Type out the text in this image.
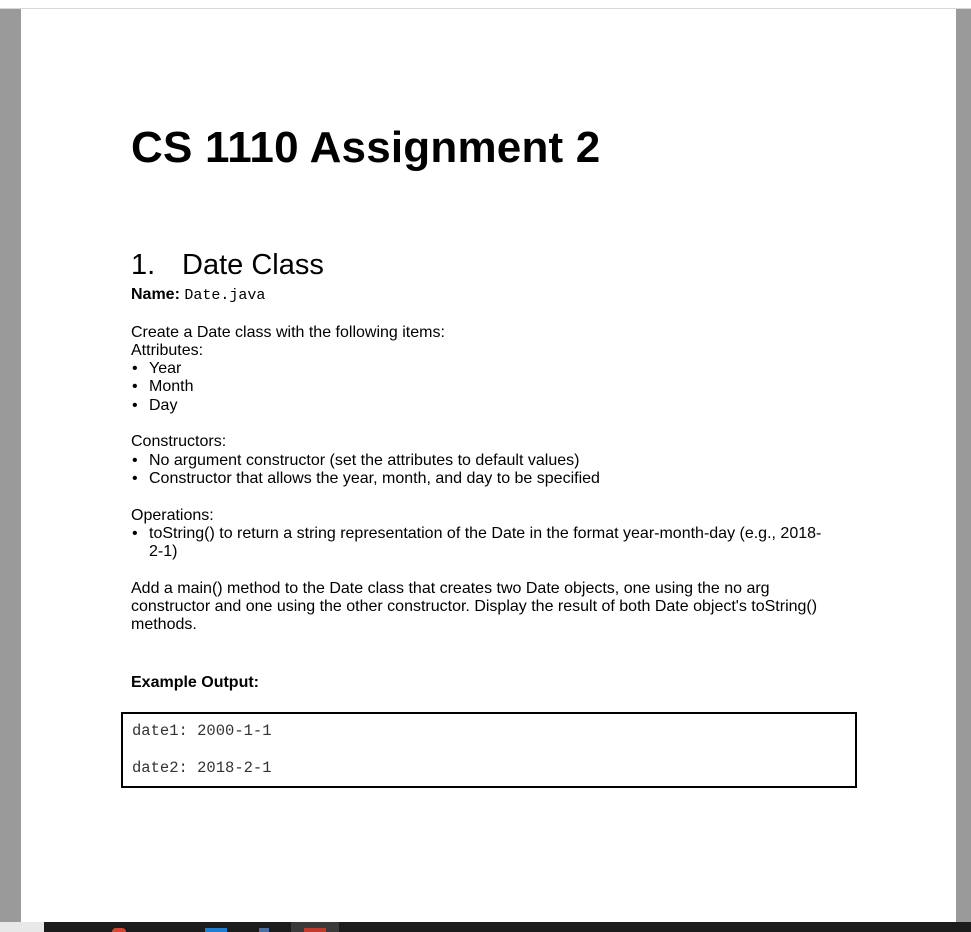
CS 1110 Assignment 2
1. Date Class

Name: Date.java

Create a Date class with the following items:

Attributes:

• Year
• Month
• Day

Constructors:

• No argument constructor (set the attributes to default values)
• Constructor that allows the year, month, and day to be specified

Operations:

• toString() to return a string representation of the Date in the format year-month-day (e.g., 2018-2-1)

Add a main() method to the Date class that creates two Date objects, one using the no arg constructor and one using the other constructor. Display the result of both Date object's toString() methods.

Example Output:

date1: 2000-1-1
date2: 2018-2-1
